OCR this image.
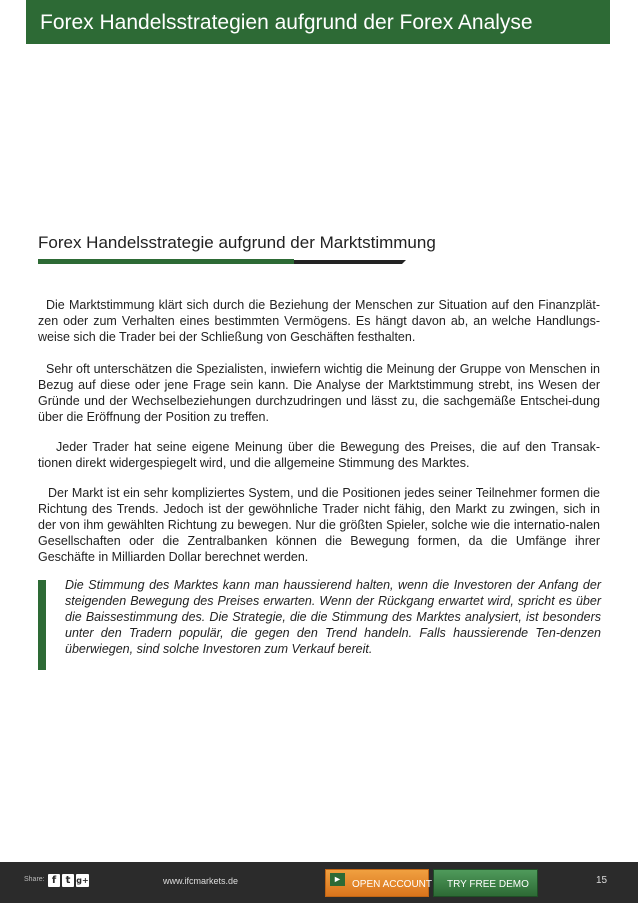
Forex Handelsstrategien aufgrund der Forex Analyse
Forex Handelsstrategie aufgrund der Marktstimmung

Die Marktstimmung klärt sich durch die Beziehung der Menschen zur Situation auf den Finanzplät-zen oder zum Verhalten eines bestimmten Vermögens. Es hängt davon ab, an welche Handlungs-weise sich die Trader bei der Schließung von Geschäften festhalten.

Sehr oft unterschätzen die Spezialisten, inwiefern wichtig die Meinung der Gruppe von Menschen in Bezug auf diese oder jene Frage sein kann. Die Analyse der Marktstimmung strebt, ins Wesen der Gründe und der Wechselbeziehungen durchzudringen und lässt zu, die sachgemäße Entschei-dung über die Eröffnung der Position zu treffen.

Jeder Trader hat seine eigene Meinung über die Bewegung des Preises, die auf den Transak-tionen direkt widergespiegelt wird, und die allgemeine Stimmung des Marktes.

Der Markt ist ein sehr kompliziertes System, und die Positionen jedes seiner Teilnehmer formen die Richtung des Trends. Jedoch ist der gewöhnliche Trader nicht fähig, den Markt zu zwingen, sich in der von ihm gewählten Richtung zu bewegen. Nur die größten Spieler, solche wie die internatio-nalen Gesellschaften oder die Zentralbanken können die Bewegung formen, da die Umfänge ihrer Geschäfte in Milliarden Dollar berechnet werden.

Die Stimmung des Marktes kann man haussierend halten, wenn die Investoren der Anfang der steigenden Bewegung des Preises erwarten. Wenn der Rückgang erwartet wird, spricht es über die Baissestimmung des. Die Strategie, die die Stimmung des Marktes analysiert, ist besonders unter den Tradern populär, die gegen den Trend handeln. Falls haussierende Ten-denzen überwiegen, sind solche Investoren zum Verkauf bereit.

Share: f t g+	www.ifcmarkets.de	►	OPEN ACCOUNT TRY FREE DEMO	15
